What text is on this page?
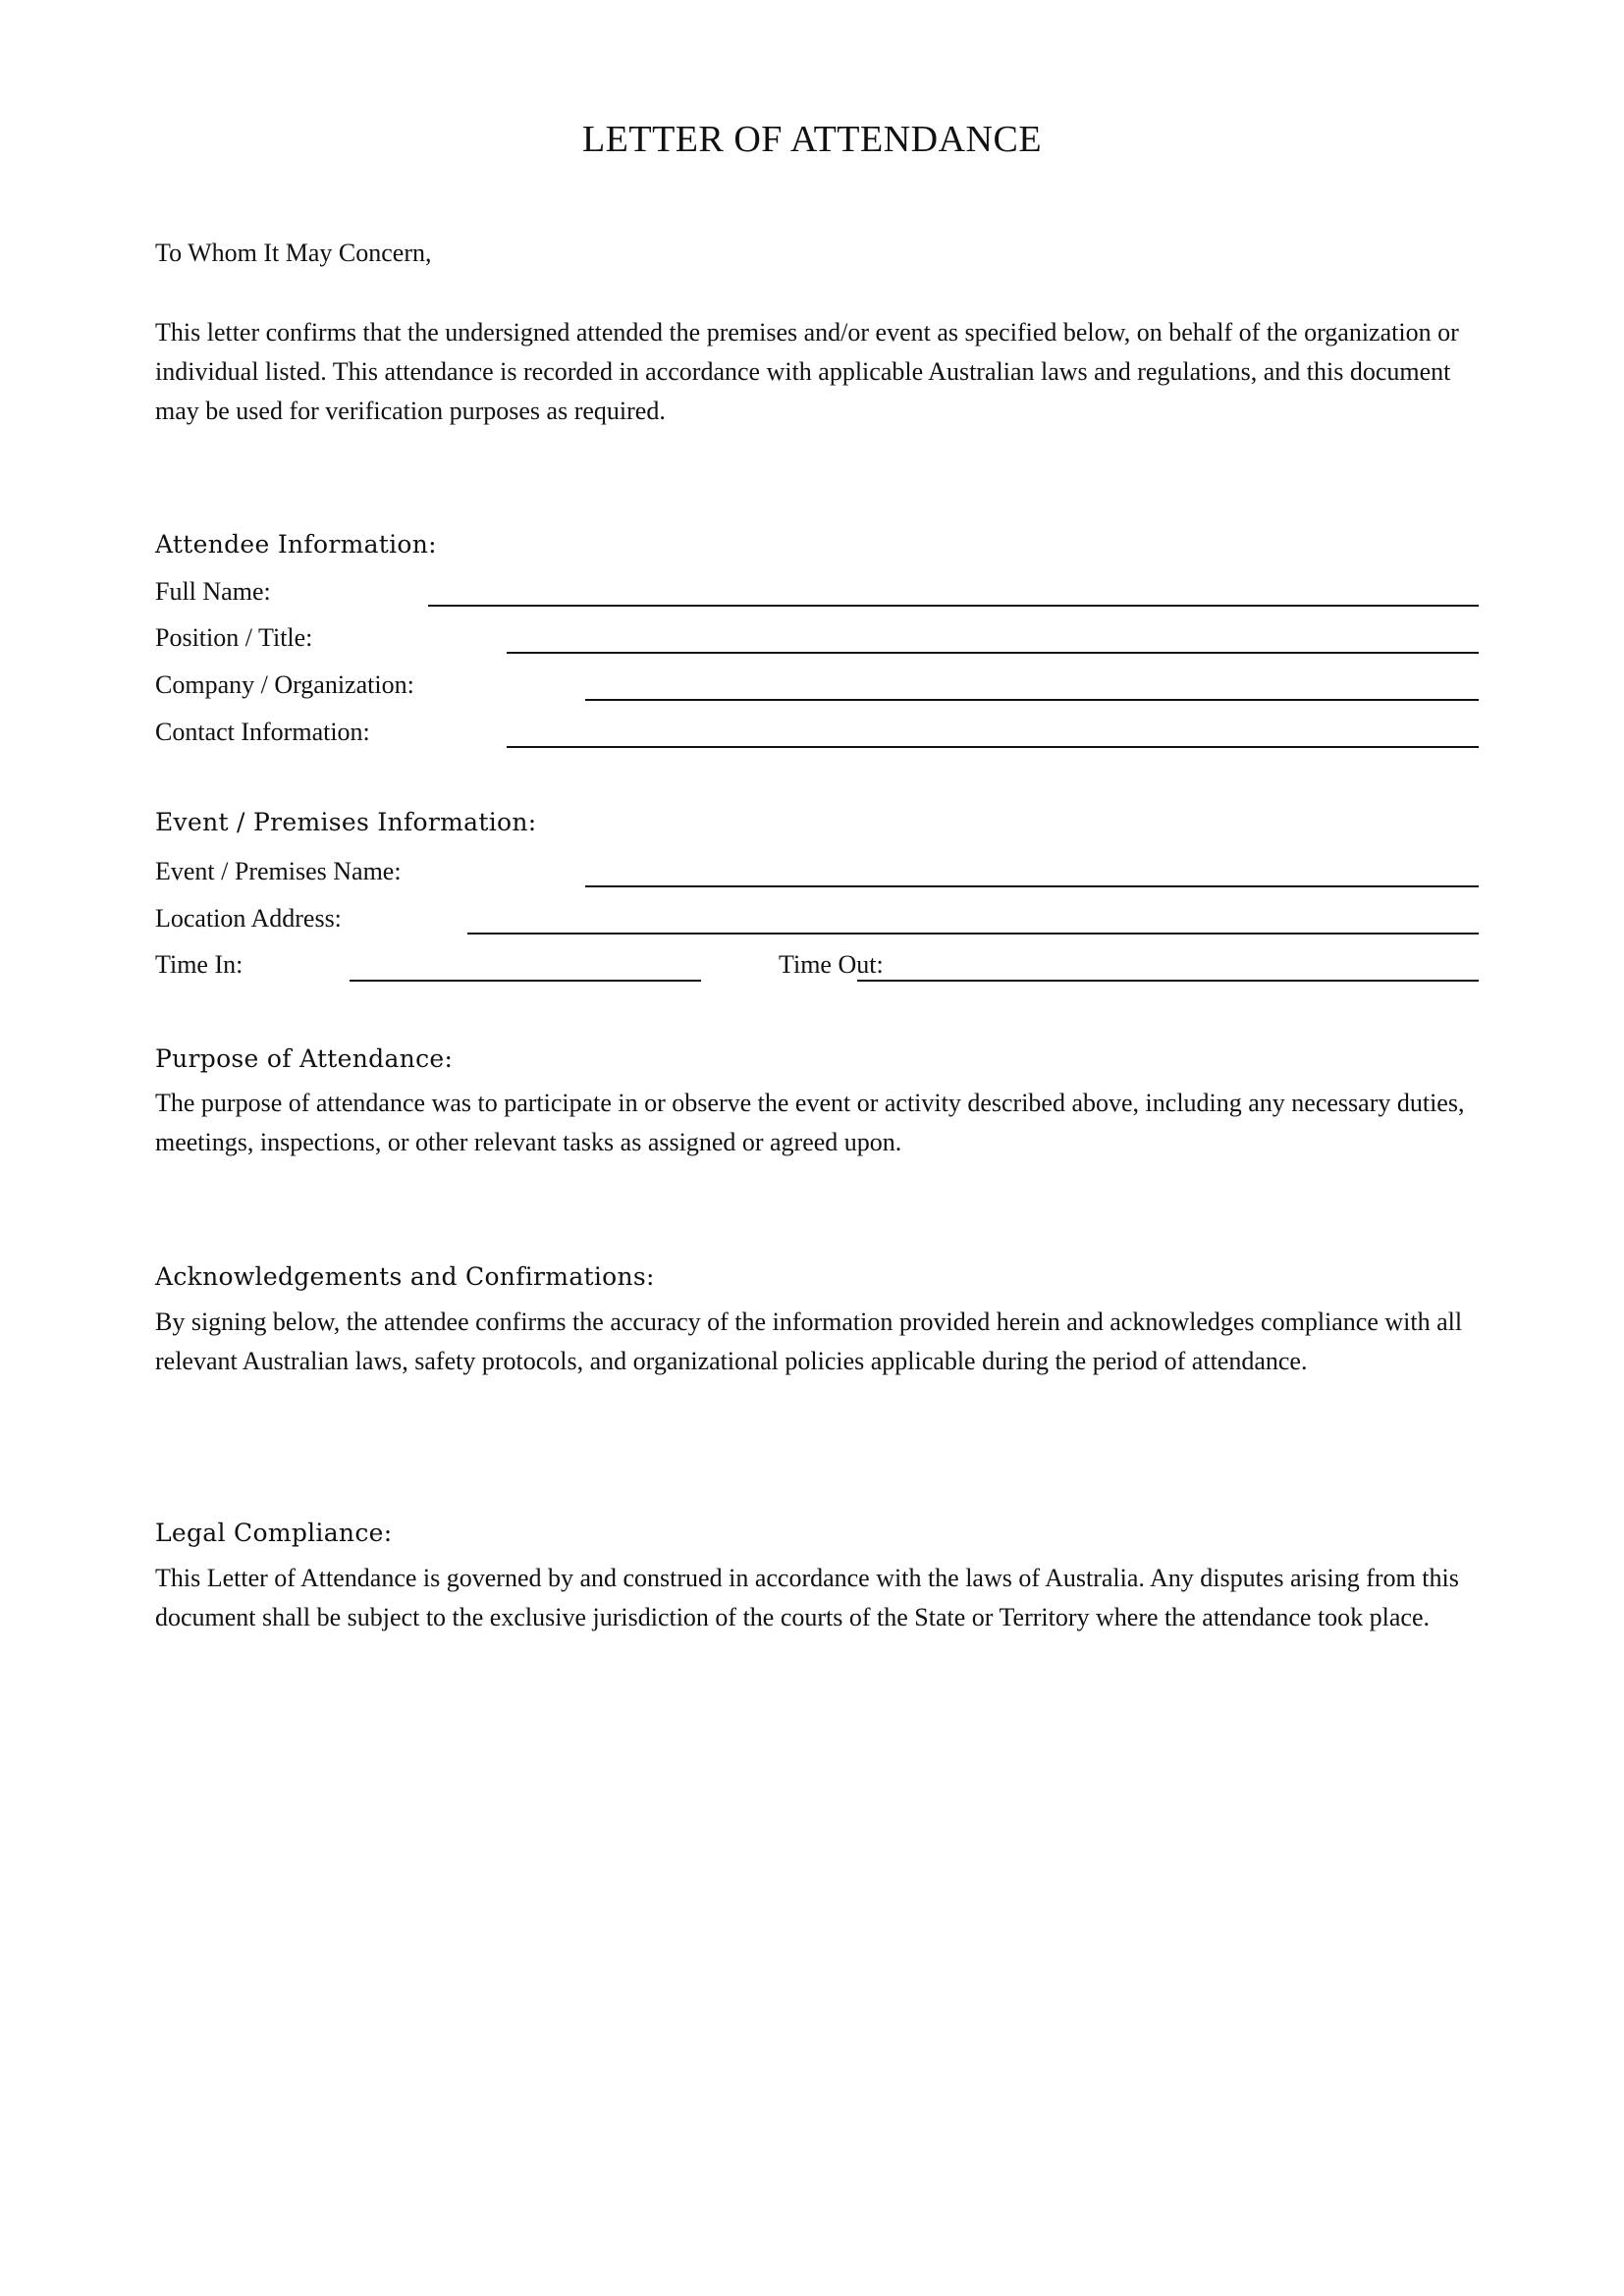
LETTER OF ATTENDANCE
To Whom It May Concern,
This letter confirms that the undersigned attended the premises and/or event as specified below, on behalf of the organization or individual listed. This attendance is recorded in accordance with applicable Australian laws and regulations, and this document may be used for verification purposes as required.
Attendee Information:
Full Name:
Position / Title:
Company / Organization:
Contact Information:
Event / Premises Information:
Event / Premises Name:
Location Address:
Time In:	Time Out:
Purpose of Attendance:
The purpose of attendance was to participate in or observe the event or activity described above, including any necessary duties, meetings, inspections, or other relevant tasks as assigned or agreed upon.
Acknowledgements and Confirmations:
By signing below, the attendee confirms the accuracy of the information provided herein and acknowledges compliance with all relevant Australian laws, safety protocols, and organizational policies applicable during the period of attendance.
Legal Compliance:
This Letter of Attendance is governed by and construed in accordance with the laws of Australia. Any disputes arising from this document shall be subject to the exclusive jurisdiction of the courts of the State or Territory where the attendance took place.
